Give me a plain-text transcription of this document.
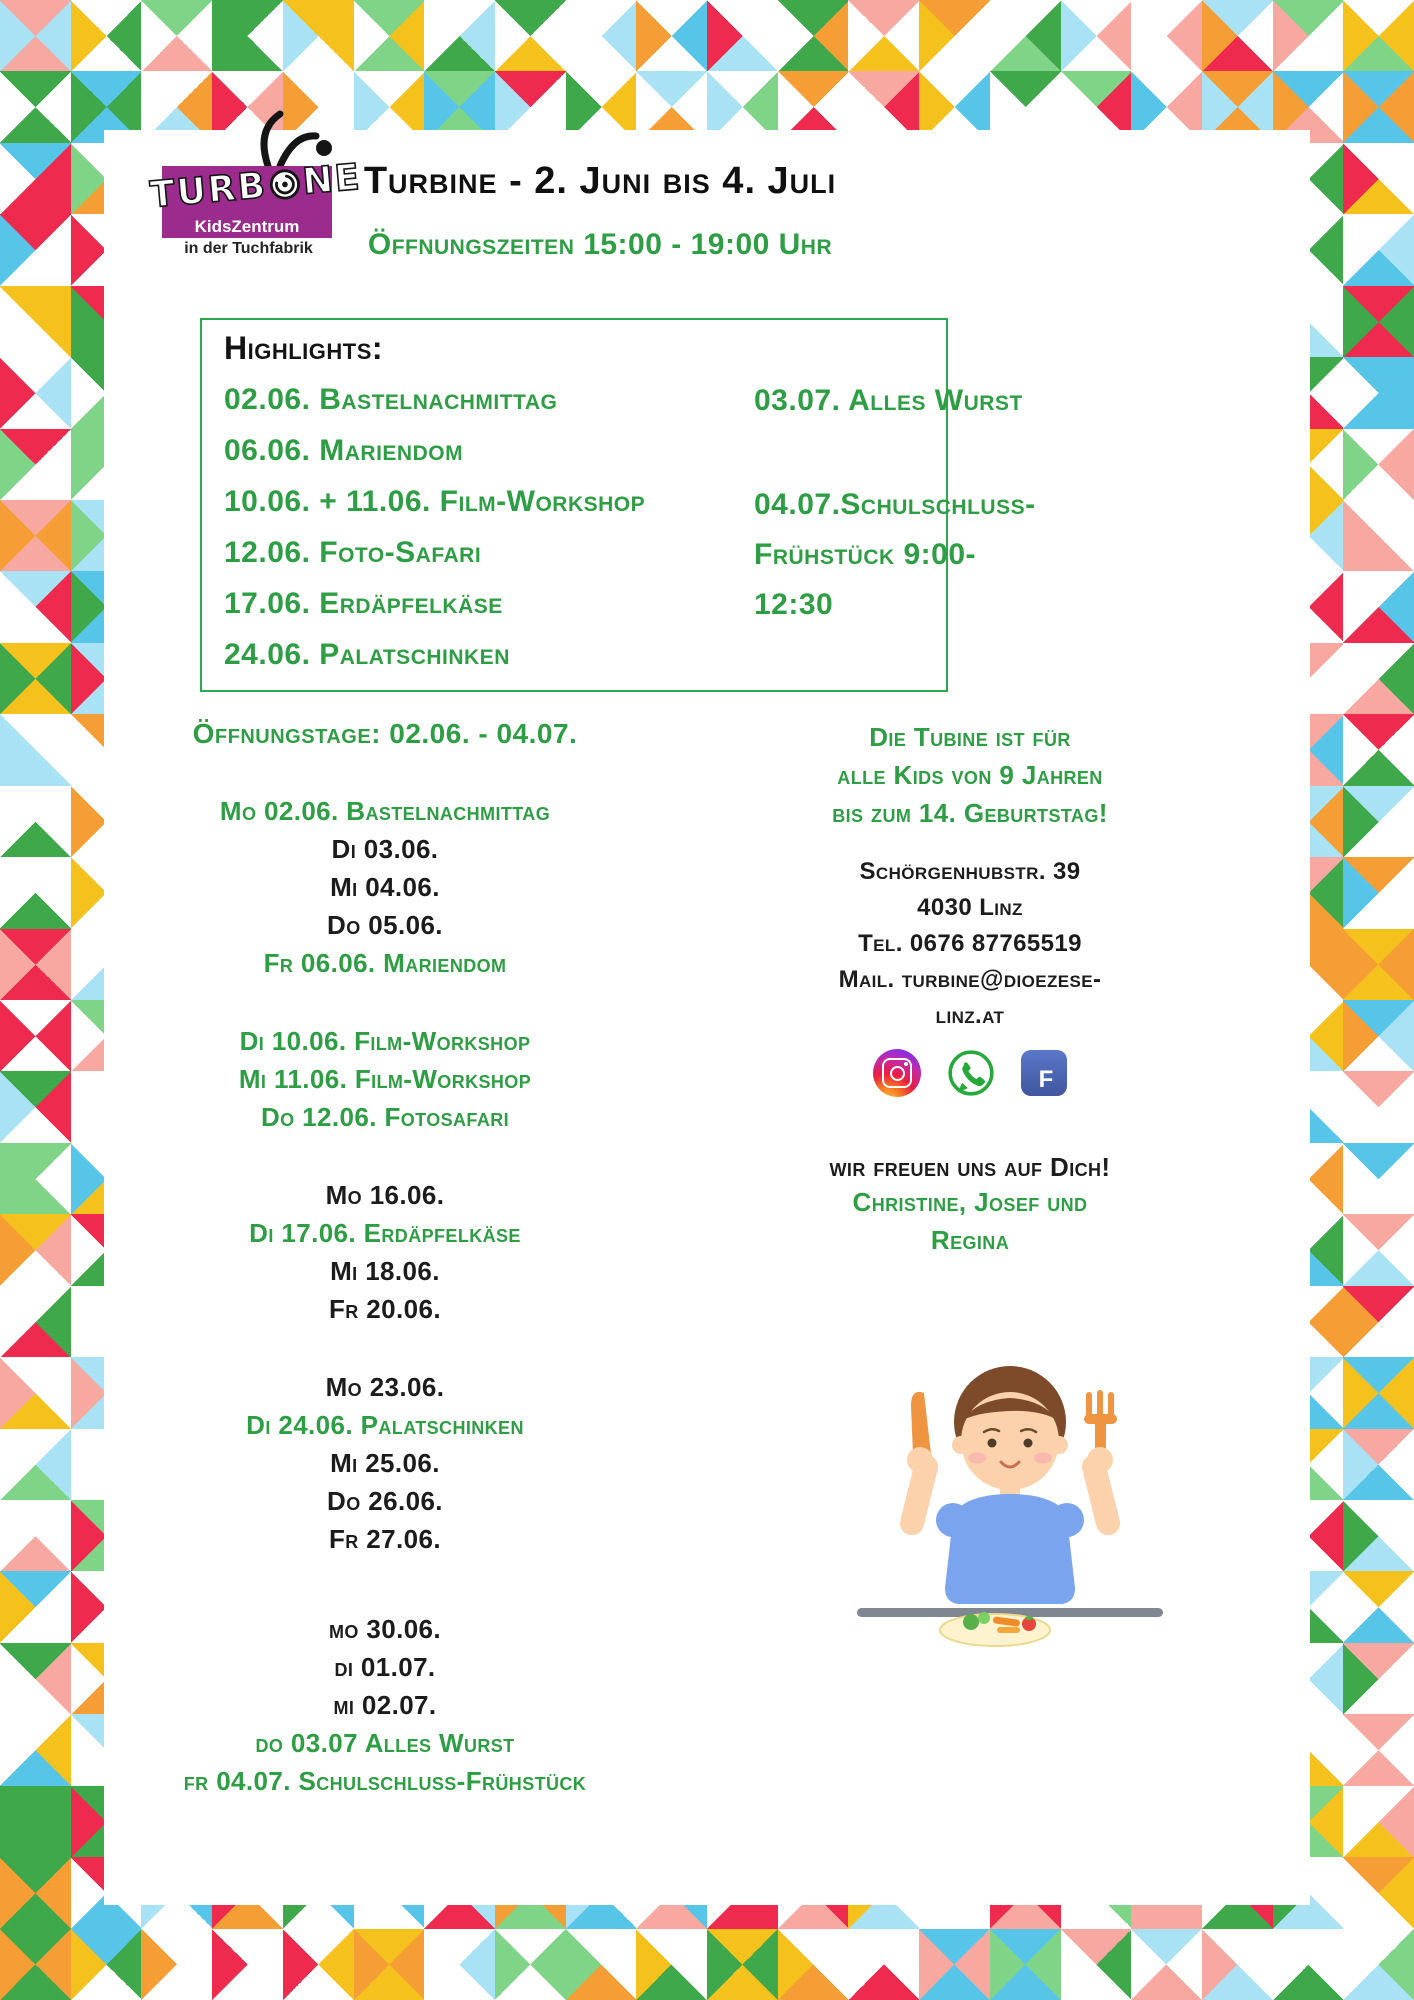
TURB NE
KidsZentrum
in der Tuchfabrik
Turbine - 2. Juni bis 4. Juli
Öffnungszeiten 15:00 - 19:00 Uhr
Highlights:
02.06. Bastelnachmittag
06.06. Mariendom
10.06. + 11.06. Film-Workshop
12.06. Foto-Safari
17.06. Erdäpfelkäse
24.06. Palatschinken
03.07. Alles Wurst
04.07.Schulschluss-
Frühstück 9:00-12:30
Öffnungstage: 02.06. - 04.07.
Mo 02.06. Bastelnachmittag
Di 03.06.
Mi 04.06.
Do 05.06.
Fr 06.06. Mariendom
Di 10.06. Film-Workshop
Mi 11.06. Film-Workshop
Do 12.06. Fotosafari
Mo 16.06.
Di 17.06. Erdäpfelkäse
Mi 18.06.
Fr 20.06.
Mo 23.06.
Di 24.06. Palatschinken
Mi 25.06.
Do 26.06.
Fr 27.06.
mo 30.06.
di 01.07.
mi 02.07.
do 03.07 Alles Wurst
fr 04.07. Schulschluss-Frühstück
Die Tubine ist für
alle Kids von 9 Jahren
bis zum 14. Geburtstag!
Schörgenhubstr. 39
4030 Linz
Tel. 0676 87765519
Mail. turbine@dioezese-
linz.at
f
wir freuen uns auf Dich!
Christine, Josef und
Regina
